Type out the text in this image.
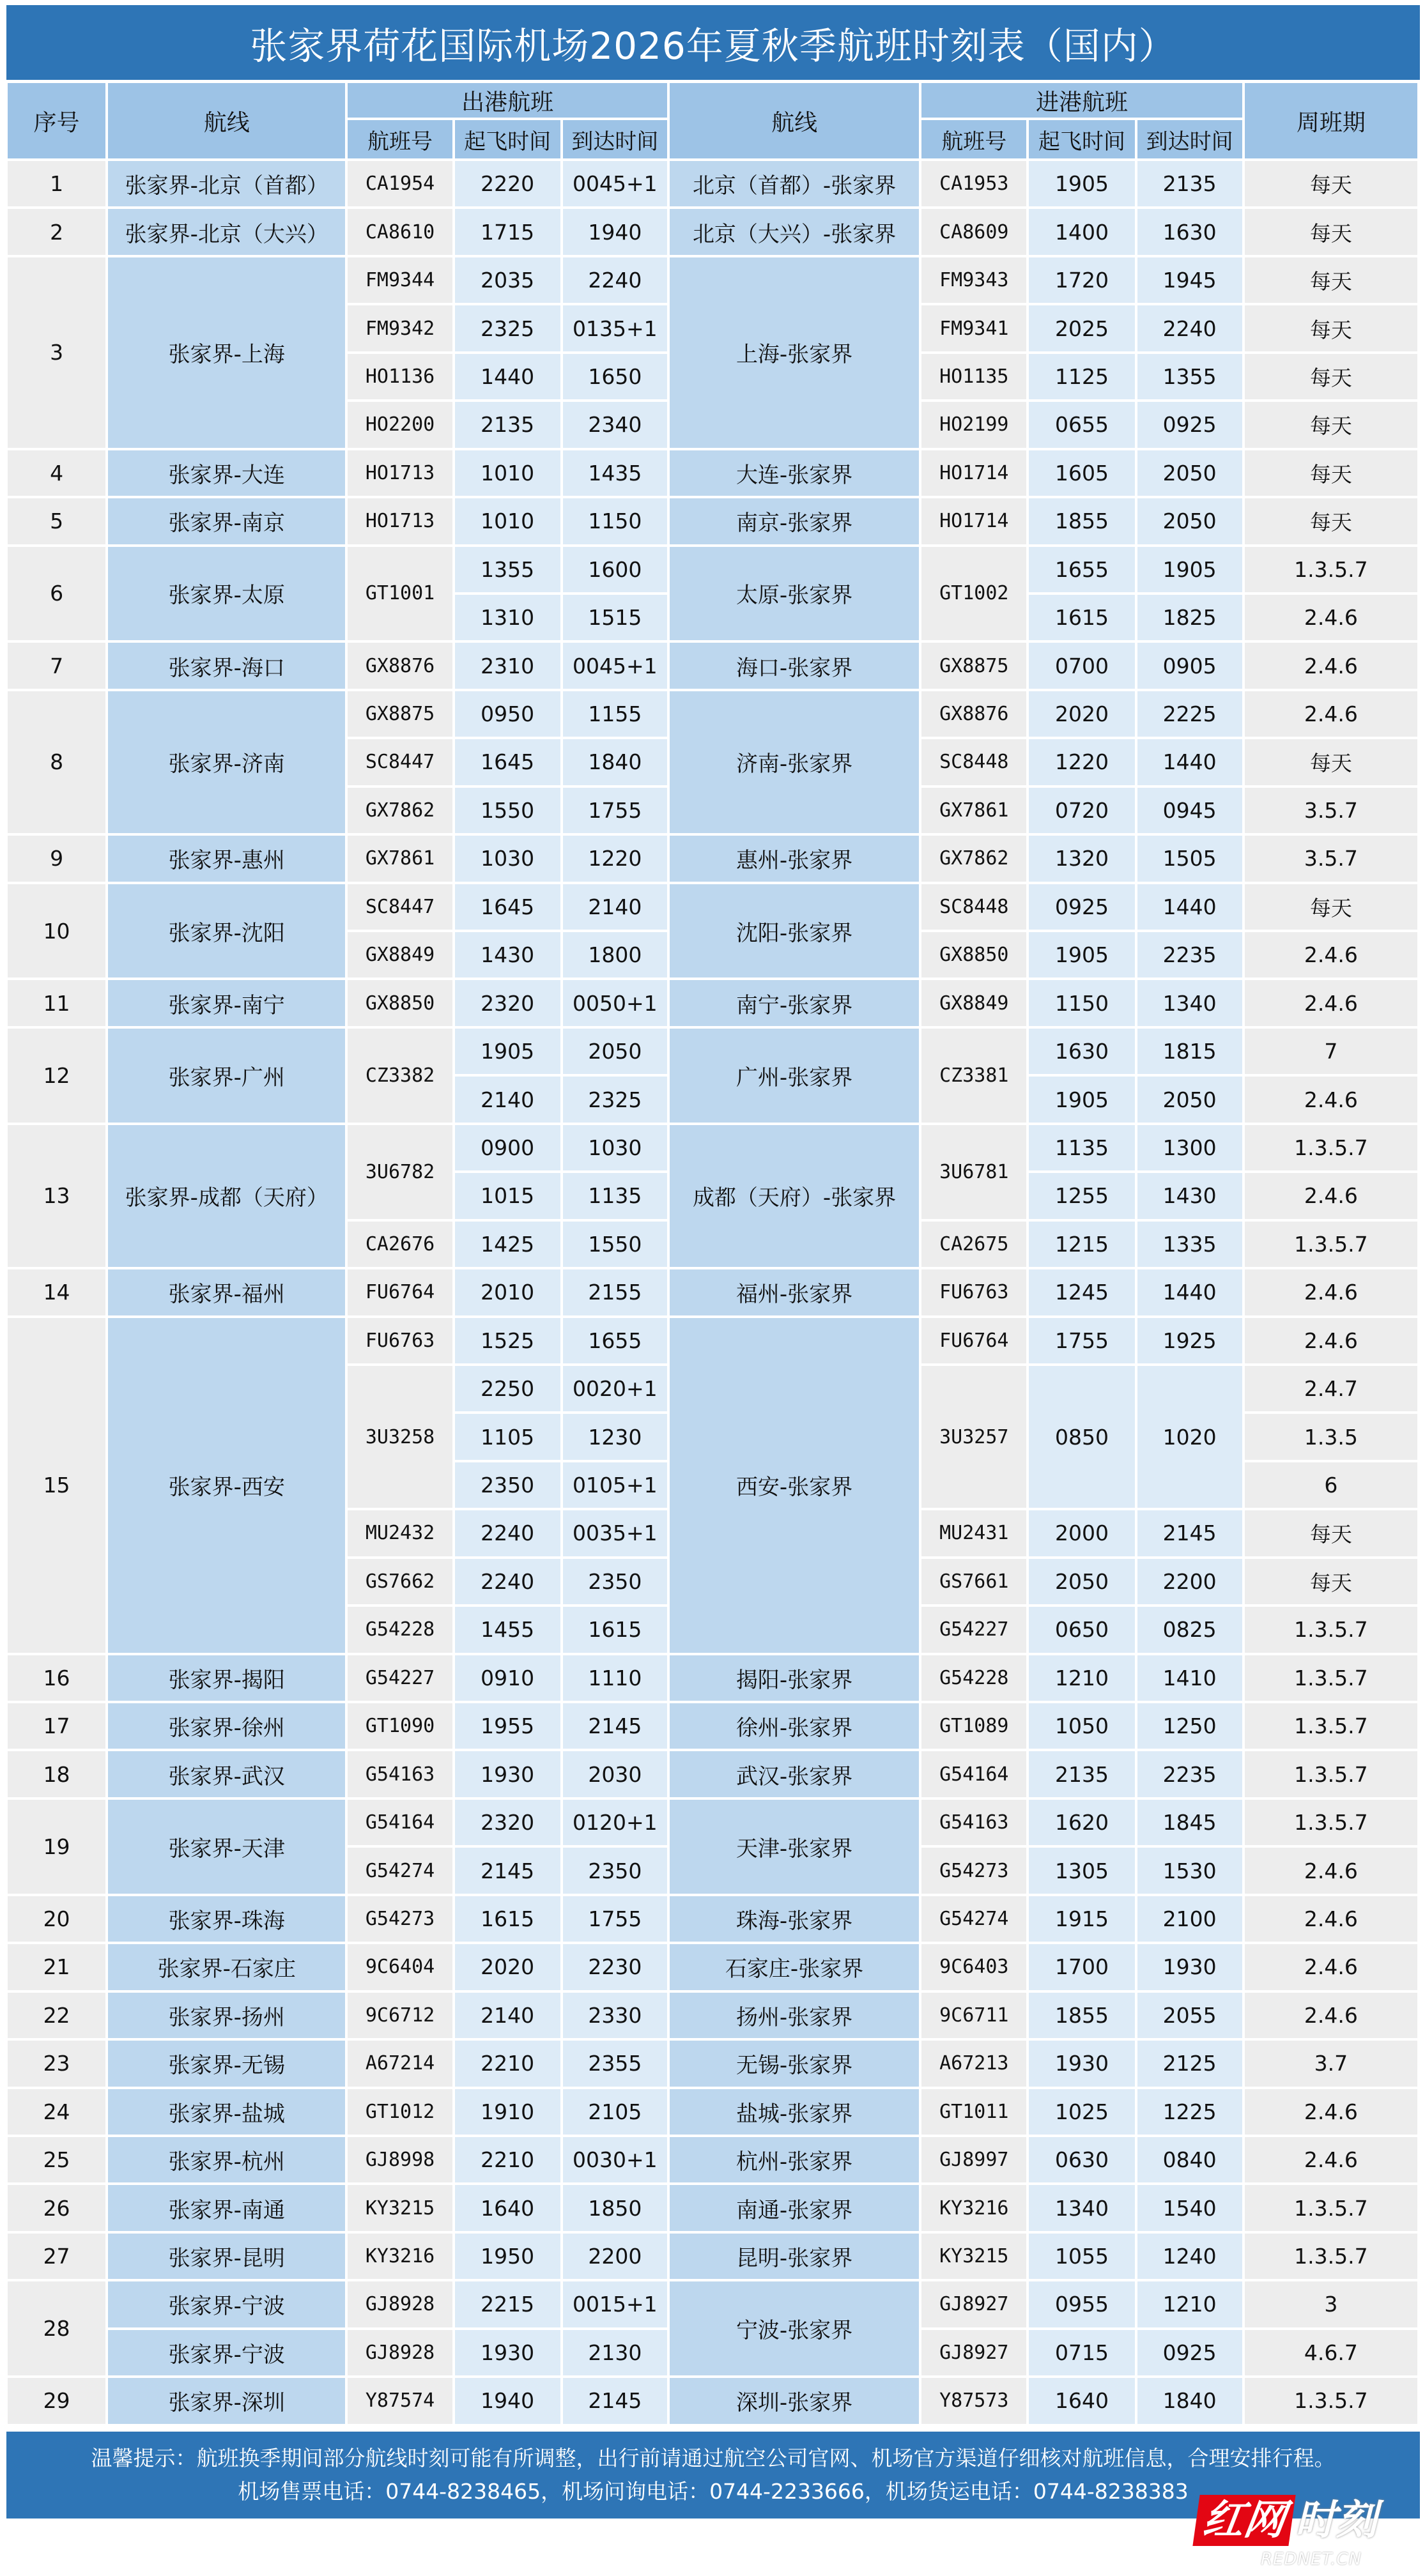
张家界荷花国际机场2026年夏秋季航班时刻表（国内）
序号	航线	出港航班			航线	进港航班			周班期
		航班号	起飞时间	到达时间		航班号	起飞时间	到达时间	
1	张家界-北京（首都）	CA1954	2220	0045+1	北京（首都）-张家界	CA1953	1905	2135	每天
2	张家界-北京（大兴）	CA8610	1715	1940	北京（大兴）-张家界	CA8609	1400	1630	每天
3	张家界-上海	FM9344	2035	2240	上海-张家界	FM9343	1720	1945	每天
		FM9342	2325	0135+1		FM9341	2025	2240	每天
		HO1136	1440	1650		HO1135	1125	1355	每天
		HO2200	2135	2340		HO2199	0655	0925	每天
4	张家界-大连	HO1713	1010	1435	大连-张家界	HO1714	1605	2050	每天
5	张家界-南京	HO1713	1010	1150	南京-张家界	HO1714	1855	2050	每天
6	张家界-太原	GT1001	1355	1600	太原-张家界	GT1002	1655	1905	1.3.5.7
			1310	1515			1615	1825	2.4.6
7	张家界-海口	GX8876	2310	0045+1	海口-张家界	GX8875	0700	0905	2.4.6
8	张家界-济南	GX8875	0950	1155	济南-张家界	GX8876	2020	2225	2.4.6
		SC8447	1645	1840		SC8448	1220	1440	每天
		GX7862	1550	1755		GX7861	0720	0945	3.5.7
9	张家界-惠州	GX7861	1030	1220	惠州-张家界	GX7862	1320	1505	3.5.7
10	张家界-沈阳	SC8447	1645	2140	沈阳-张家界	SC8448	0925	1440	每天
		GX8849	1430	1800		GX8850	1905	2235	2.4.6
11	张家界-南宁	GX8850	2320	0050+1	南宁-张家界	GX8849	1150	1340	2.4.6
12	张家界-广州	CZ3382	1905	2050	广州-张家界	CZ3381	1630	1815	7
			2140	2325			1905	2050	2.4.6
13	张家界-成都（天府）	3U6782	0900	1030	成都（天府）-张家界	3U6781	1135	1300	1.3.5.7
			1015	1135			1255	1430	2.4.6
		CA2676	1425	1550		CA2675	1215	1335	1.3.5.7
14	张家界-福州	FU6764	2010	2155	福州-张家界	FU6763	1245	1440	2.4.6
15	张家界-西安	FU6763	1525	1655	西安-张家界	FU6764	1755	1925	2.4.6
		3U3258	2250	0020+1		3U3257	0850	1020	2.4.7
			1105	1230					1.3.5
			2350	0105+1					6
		MU2432	2240	0035+1		MU2431	2000	2145	每天
		GS7662	2240	2350		GS7661	2050	2200	每天
		G54228	1455	1615		G54227	0650	0825	1.3.5.7
16	张家界-揭阳	G54227	0910	1110	揭阳-张家界	G54228	1210	1410	1.3.5.7
17	张家界-徐州	GT1090	1955	2145	徐州-张家界	GT1089	1050	1250	1.3.5.7
18	张家界-武汉	G54163	1930	2030	武汉-张家界	G54164	2135	2235	1.3.5.7
19	张家界-天津	G54164	2320	0120+1	天津-张家界	G54163	1620	1845	1.3.5.7
		G54274	2145	2350		G54273	1305	1530	2.4.6
20	张家界-珠海	G54273	1615	1755	珠海-张家界	G54274	1915	2100	2.4.6
21	张家界-石家庄	9C6404	2020	2230	石家庄-张家界	9C6403	1700	1930	2.4.6
22	张家界-扬州	9C6712	2140	2330	扬州-张家界	9C6711	1855	2055	2.4.6
23	张家界-无锡	A67214	2210	2355	无锡-张家界	A67213	1930	2125	3.7
24	张家界-盐城	GT1012	1910	2105	盐城-张家界	GT1011	1025	1225	2.4.6
25	张家界-杭州	GJ8998	2210	0030+1	杭州-张家界	GJ8997	0630	0840	2.4.6
26	张家界-南通	KY3215	1640	1850	南通-张家界	KY3216	1340	1540	1.3.5.7
27	张家界-昆明	KY3216	1950	2200	昆明-张家界	KY3215	1055	1240	1.3.5.7
28	张家界-宁波	GJ8928	2215	0015+1	宁波-张家界	GJ8927	0955	1210	3
	张家界-宁波	GJ8928	1930	2130		GJ8927	0715	0925	4.6.7
29	张家界-深圳	Y87574	1940	2145	深圳-张家界	Y87573	1640	1840	1.3.5.7
温馨提示：航班换季期间部分航线时刻可能有所调整，出行前请通过航空公司官网、机场官方渠道仔细核对航班信息，合理安排行程。
机场售票电话：0744-8238465，机场问询电话：0744-2233666，机场货运电话：0744-8238383
红网 时刻
REDNET.CN
